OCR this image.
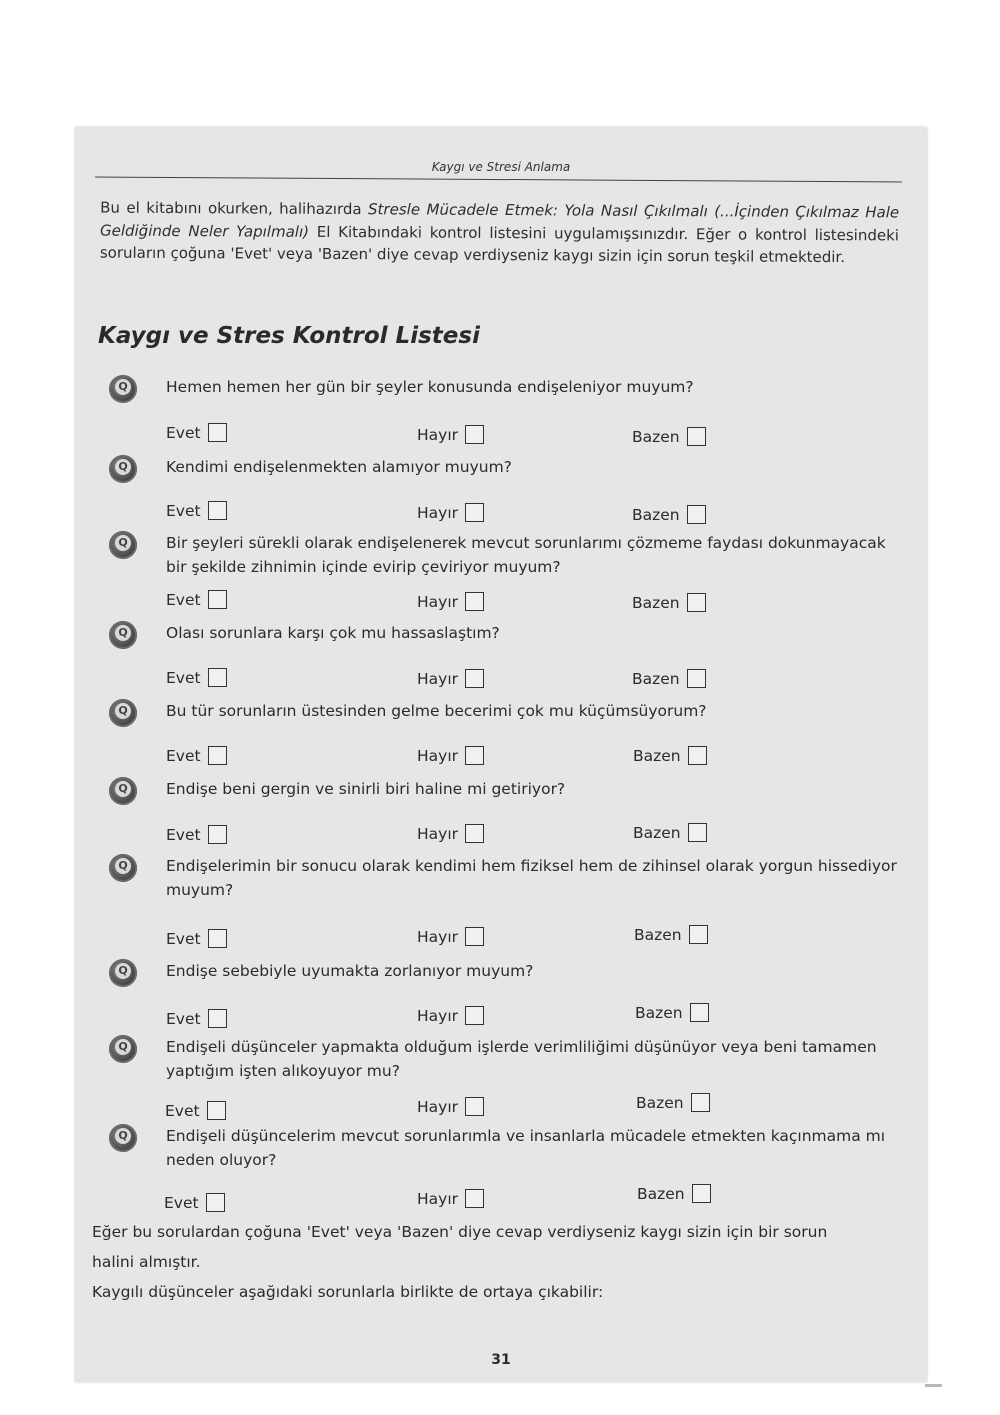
Kaygı ve Stresi Anlama
Bu el kitabını okurken, halihazırda Stresle Mücadele Etmek: Yola Nasıl Çıkılmalı (...İçinden Çıkılmaz Hale Geldiğinde Neler Yapılmalı) El Kitabındaki kontrol listesini uygulamışsınızdır. Eğer o kontrol listesindeki soruların çoğuna 'Evet' veya 'Bazen' diye cevap verdiyseniz kaygı sizin için sorun teşkil etmektedir.
Kaygı ve Stres Kontrol Listesi
Q Hemen hemen her gün bir şeyler konusunda endişeleniyor muyum?
Evet	Hayır	Bazen
Q Kendimi endişelenmekten alamıyor muyum?
Evet	Hayır	Bazen
Q Bir şeyleri sürekli olarak endişelenerek mevcut sorunlarımı çözmeme faydası dokunmayacak bir şekilde zihnimin içinde evirip çeviriyor muyum?
Evet	Hayır	Bazen
Q Olası sorunlara karşı çok mu hassaslaştım?
Evet	Hayır	Bazen
Q Bu tür sorunların üstesinden gelme becerimi çok mu küçümsüyorum?
Evet	Hayır	Bazen
Q Endişe beni gergin ve sinirli biri haline mi getiriyor?
Evet	Hayır	Bazen
Q Endişelerimin bir sonucu olarak kendimi hem fiziksel hem de zihinsel olarak yorgun hissediyor muyum?
Evet	Hayır	Bazen
Q Endişe sebebiyle uyumakta zorlanıyor muyum?
Evet	Hayır	Bazen
Q Endişeli düşünceler yapmakta olduğum işlerde verimliliğimi düşünüyor veya beni tamamen yaptığım işten alıkoyuyor mu?
Evet	Hayır	Bazen
Q Endişeli düşüncelerim mevcut sorunlarımla ve insanlarla mücadele etmekten kaçınmama mı neden oluyor?
Evet	Hayır	Bazen
Eğer bu sorulardan çoğuna 'Evet' veya 'Bazen' diye cevap verdiyseniz kaygı sizin için bir sorun halini almıştır.
Kaygılı düşünceler aşağıdaki sorunlarla birlikte de ortaya çıkabilir:
31
